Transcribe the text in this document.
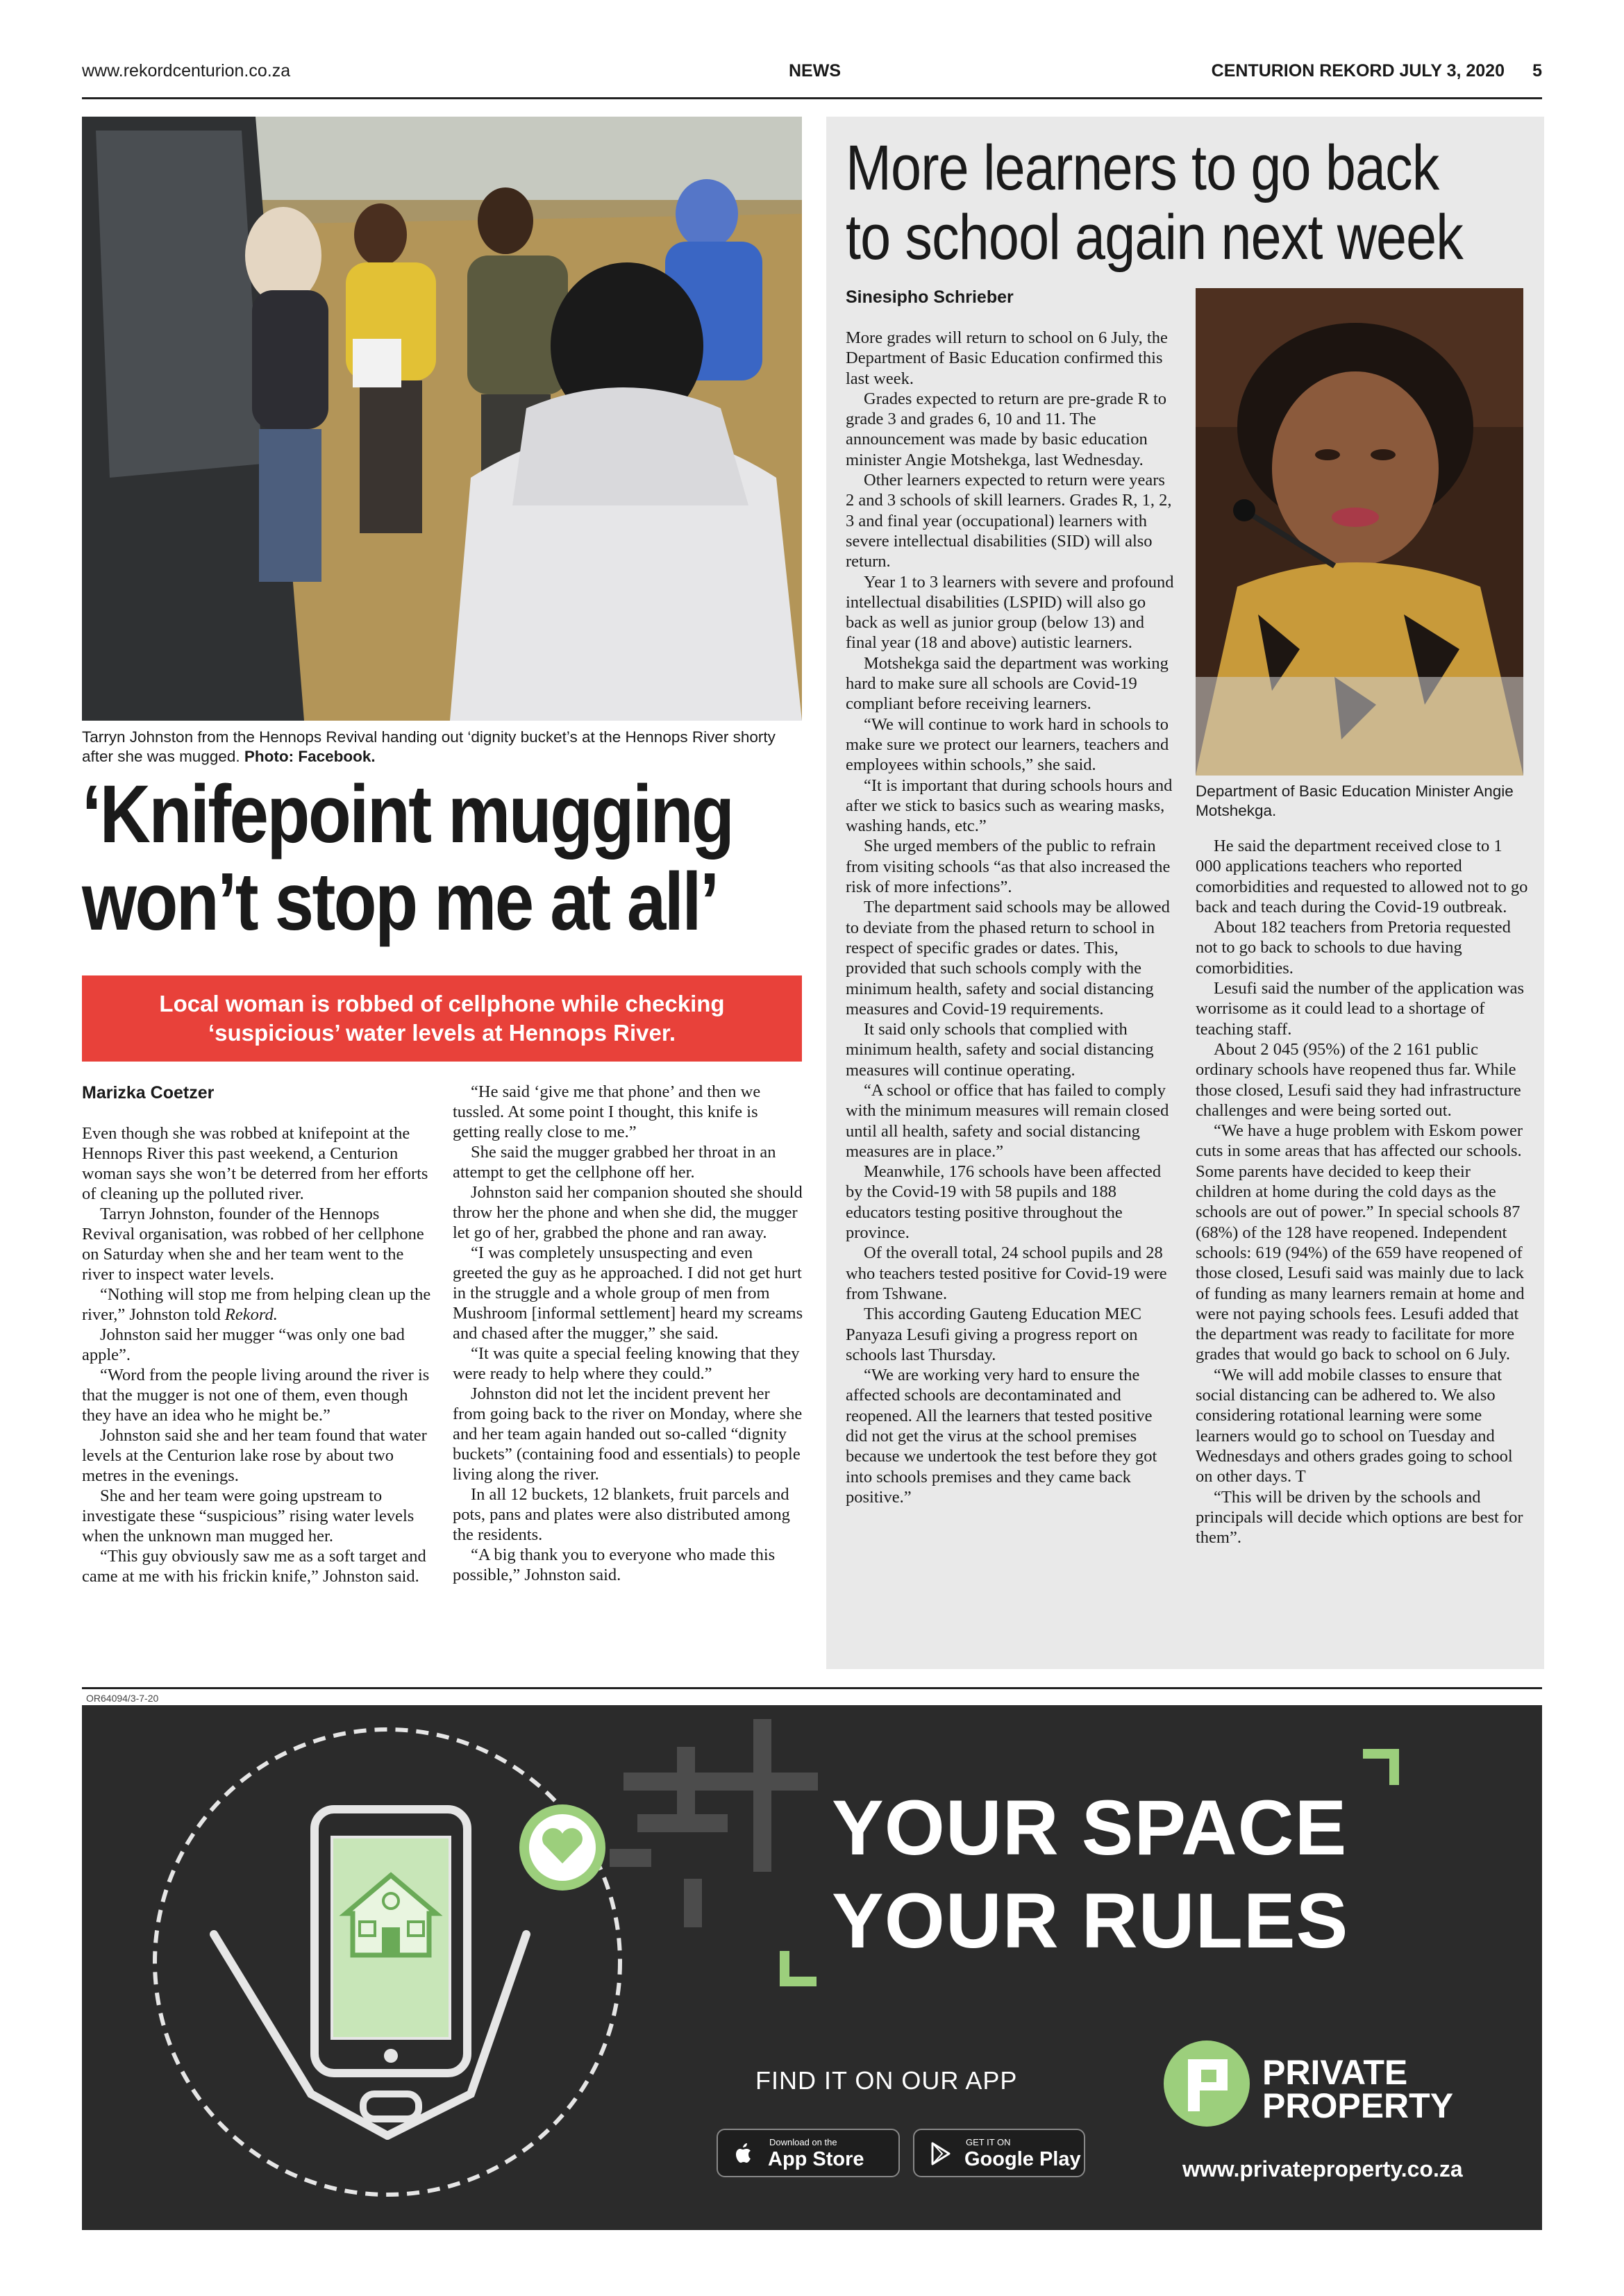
www.rekordcenturion.co.za	NEWS	CENTURION REKORD JULY 3, 2020 5
Tarryn Johnston from the Hennops Revival handing out ‘dignity bucket’s at the Hennops River shorty after she was mugged. Photo: Facebook.
‘Knifepoint mugging
won’t stop me at all’
Local woman is robbed of cellphone while checking
‘suspicious’ water levels at Hennops River.
Marizka Coetzer

Even though she was robbed at knifepoint at the Hennops River this past weekend, a Centurion woman says she won’t be deterred from her efforts of cleaning up the polluted river.

Tarryn Johnston, founder of the Hennops Revival organisation, was robbed of her cellphone on Saturday when she and her team went to the river to inspect water levels.

“Nothing will stop me from helping clean up the river,” Johnston told Rekord.

Johnston said her mugger “was only one bad apple”.

“Word from the people living around the river is that the mugger is not one of them, even though they have an idea who he might be.”

Johnston said she and her team found that water levels at the Centurion lake rose by about two metres in the evenings.

She and her team were going upstream to investigate these “suspicious” rising water levels when the unknown man mugged her.

“This guy obviously saw me as a soft target and came at me with his frickin knife,” Johnston said.

“He said ‘give me that phone’ and then we tussled. At some point I thought, this knife is getting really close to me.”

She said the mugger grabbed her throat in an attempt to get the cellphone off her.

Johnston said her companion shouted she should throw her the phone and when she did, the mugger let go of her, grabbed the phone and ran away.

“I was completely unsuspecting and even greeted the guy as he approached. I did not get hurt in the struggle and a whole group of men from Mushroom [informal settlement] heard my screams and chased after the mugger,” she said.

“It was quite a special feeling knowing that they were ready to help where they could.”

Johnston did not let the incident prevent her from going back to the river on Monday, where she and her team again handed out so-called “dignity buckets” (containing food and essentials) to people living along the river.

In all 12 buckets, 12 blankets, fruit parcels and pots, pans and plates were also distributed among the residents.

“A big thank you to everyone who made this possible,” Johnston said.

More learners to go back
to school again next week
Sinesipho Schrieber

More grades will return to school on 6 July, the Department of Basic Education confirmed this last week.

Grades expected to return are pre-grade R to grade 3 and grades 6, 10 and 11. The announcement was made by basic education minister Angie Motshekga, last Wednesday.

Other learners expected to return were years 2 and 3 schools of skill learners. Grades R, 1, 2, 3 and final year (occupational) learners with severe intellectual disabilities (SID) will also return.

Year 1 to 3 learners with severe and profound intellectual disabilities (LSPID) will also go back as well as junior group (below 13) and final year (18 and above) autistic learners.

Motshekga said the department was working hard to make sure all schools are Covid-19 compliant before receiving learners.

“We will continue to work hard in schools to make sure we protect our learners, teachers and employees within schools,” she said.

“It is important that during schools hours and after we stick to basics such as wearing masks, washing hands, etc.”

She urged members of the public to refrain from visiting schools “as that also increased the risk of more infections”.

The department said schools may be allowed to deviate from the phased return to school in respect of specific grades or dates. This, provided that such schools comply with the minimum health, safety and social distancing measures and Covid-19 requirements.

It said only schools that complied with minimum health, safety and social distancing measures will continue operating.

“A school or office that has failed to comply with the minimum measures will remain closed until all health, safety and social distancing measures are in place.”

Meanwhile, 176 schools have been affected by the Covid-19 with 58 pupils and 188 educators testing positive throughout the province.

Of the overall total, 24 school pupils and 28 who teachers tested positive for Covid-19 were from Tshwane.

This according Gauteng Education MEC Panyaza Lesufi giving a progress report on schools last Thursday.

“We are working very hard to ensure the affected schools are decontaminated and reopened. All the learners that tested positive did not get the virus at the school premises because we undertook the test before they got into schools premises and they came back positive.”

Department of Basic Education Minister Angie Motshekga.

He said the department received close to 1 000 applications teachers who reported comorbidities and requested to allowed not to go back and teach during the Covid-19 outbreak.

About 182 teachers from Pretoria requested not to go back to schools to due having comorbidities.

Lesufi said the number of the application was worrisome as it could lead to a shortage of teaching staff.

About 2 045 (95%) of the 2 161 public ordinary schools have reopened thus far. While those closed, Lesufi said they had infrastructure challenges and were being sorted out.

“We have a huge problem with Eskom power cuts in some areas that has affected our schools. Some parents have decided to keep their children at home during the cold days as the schools are out of power.” In special schools 87 (68%) of the 128 have reopened. Independent schools: 619 (94%) of the 659 have reopened of those closed, Lesufi said was mainly due to lack of funding as many learners remain at home and were not paying schools fees. Lesufi added that the department was ready to facilitate for more grades that would go back to school on 6 July.

“We will add mobile classes to ensure that social distancing can be adhered to. We also considering rotational learning were some learners would go to school on Tuesday and Wednesdays and others grades going to school on other days. T

“This will be driven by the schools and principals will decide which options are best for them”.

OR64094/3-7-20
YOUR SPACE
YOUR RULES
FIND IT ON OUR APP
Download on the
App Store
GET IT ON
Google Play
PRIVATE
PROPERTY
www.privateproperty.co.za
